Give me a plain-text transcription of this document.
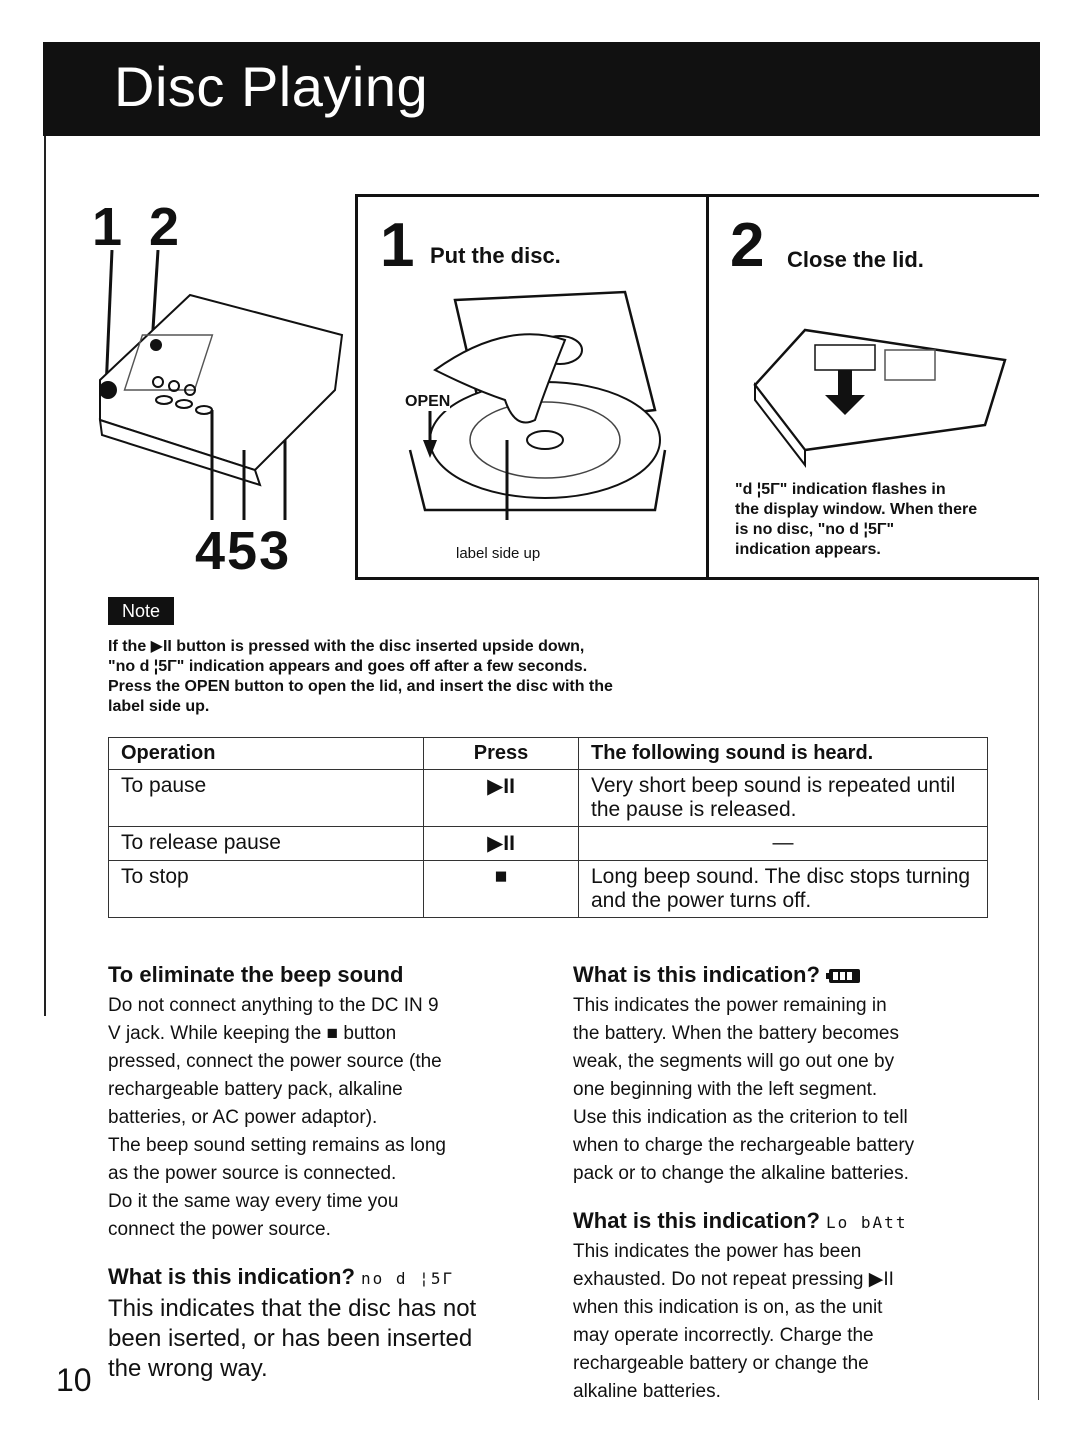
Disc Playing
1 2
453
1 Put the disc.
OPEN
label side up
2 Close the lid.
"d ¦5Γ" indication flashes in
the display window. When there
is no disc, "no d ¦5Γ"
indication appears.
Note
If the ▶II button is pressed with the disc inserted upside down,
"no d ¦5Γ" indication appears and goes off after a few seconds.
Press the OPEN button to open the lid, and insert the disc with the
label side up.
Operation	Press	The following sound is heard.
To pause	▶II	Very short beep sound is repeated until the pause is released.
To release pause	▶II	—
To stop	■	Long beep sound. The disc stops turning and the power turns off.
To eliminate the beep sound
Do not connect anything to the DC IN 9
V jack. While keeping the ■ button
pressed, connect the power source (the
rechargeable battery pack, alkaline
batteries, or AC power adaptor).
The beep sound setting remains as long
as the power source is connected.
Do it the same way every time you
connect the power source.
What is this indication? no d ¦5Γ
This indicates that the disc has not
been iserted, or has been inserted
the wrong way.
10
What is this indication?
This indicates the power remaining in
the battery. When the battery becomes
weak, the segments will go out one by
one beginning with the left segment.
Use this indication as the criterion to tell
when to charge the rechargeable battery
pack or to change the alkaline batteries.
What is this indication? Lo bAtt
This indicates the power has been
exhausted. Do not repeat pressing ▶II
when this indication is on, as the unit
may operate incorrectly. Charge the
rechargeable battery or change the
alkaline batteries.
